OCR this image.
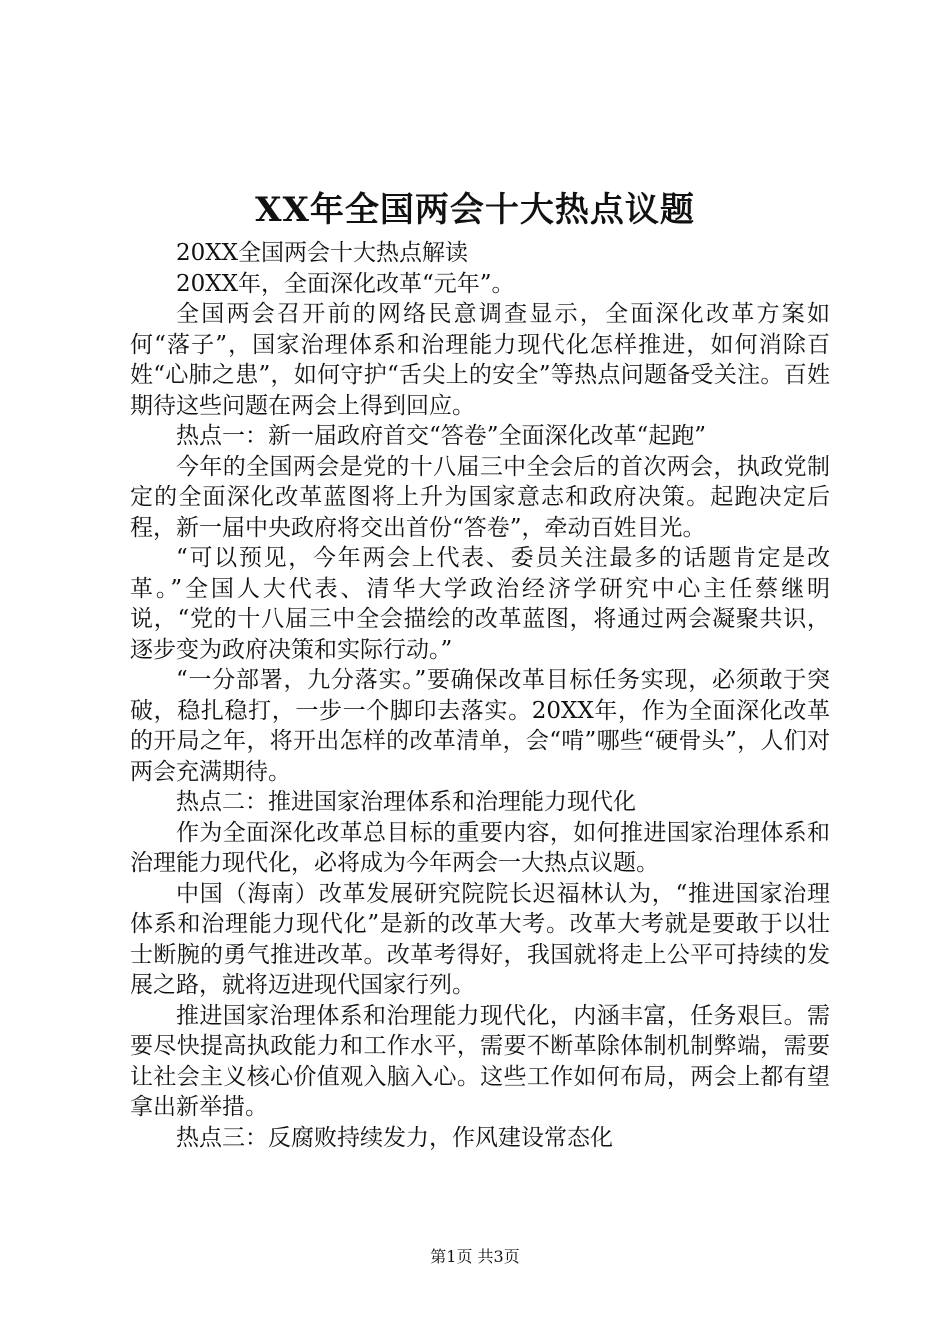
XX年全国两会十大热点议题

20XX全国两会十大热点解读

20XX年，全面深化改革“元年”。

全国两会召开前的网络民意调查显示，全面深化改革方案如何“落子”，国家治理体系和治理能力现代化怎样推进，如何消除百姓“心肺之患”，如何守护“舌尖上的安全”等热点问题备受关注。百姓期待这些问题在两会上得到回应。

热点一：新一届政府首交“答卷”全面深化改革“起跑”

今年的全国两会是党的十八届三中全会后的首次两会，执政党制定的全面深化改革蓝图将上升为国家意志和政府决策。起跑决定后程，新一届中央政府将交出首份“答卷”，牵动百姓目光。

“可以预见，今年两会上代表、委员关注最多的话题肯定是改革。”全国人大代表、清华大学政治经济学研究中心主任蔡继明说，“党的十八届三中全会描绘的改革蓝图，将通过两会凝聚共识，逐步变为政府决策和实际行动。”

“一分部署，九分落实。”要确保改革目标任务实现，必须敢于突破，稳扎稳打，一步一个脚印去落实。20XX年，作为全面深化改革的开局之年，将开出怎样的改革清单，会“啃”哪些“硬骨头”，人们对两会充满期待。

热点二：推进国家治理体系和治理能力现代化

作为全面深化改革总目标的重要内容，如何推进国家治理体系和治理能力现代化，必将成为今年两会一大热点议题。

中国（海南）改革发展研究院院长迟福林认为，“推进国家治理体系和治理能力现代化”是新的改革大考。改革大考就是要敢于以壮士断腕的勇气推进改革。改革考得好，我国就将走上公平可持续的发展之路，就将迈进现代国家行列。

推进国家治理体系和治理能力现代化，内涵丰富，任务艰巨。需要尽快提高执政能力和工作水平，需要不断革除体制机制弊端，需要让社会主义核心价值观入脑入心。这些工作如何布局，两会上都有望拿出新举措。

热点三：反腐败持续发力，作风建设常态化

第1页 共3页
